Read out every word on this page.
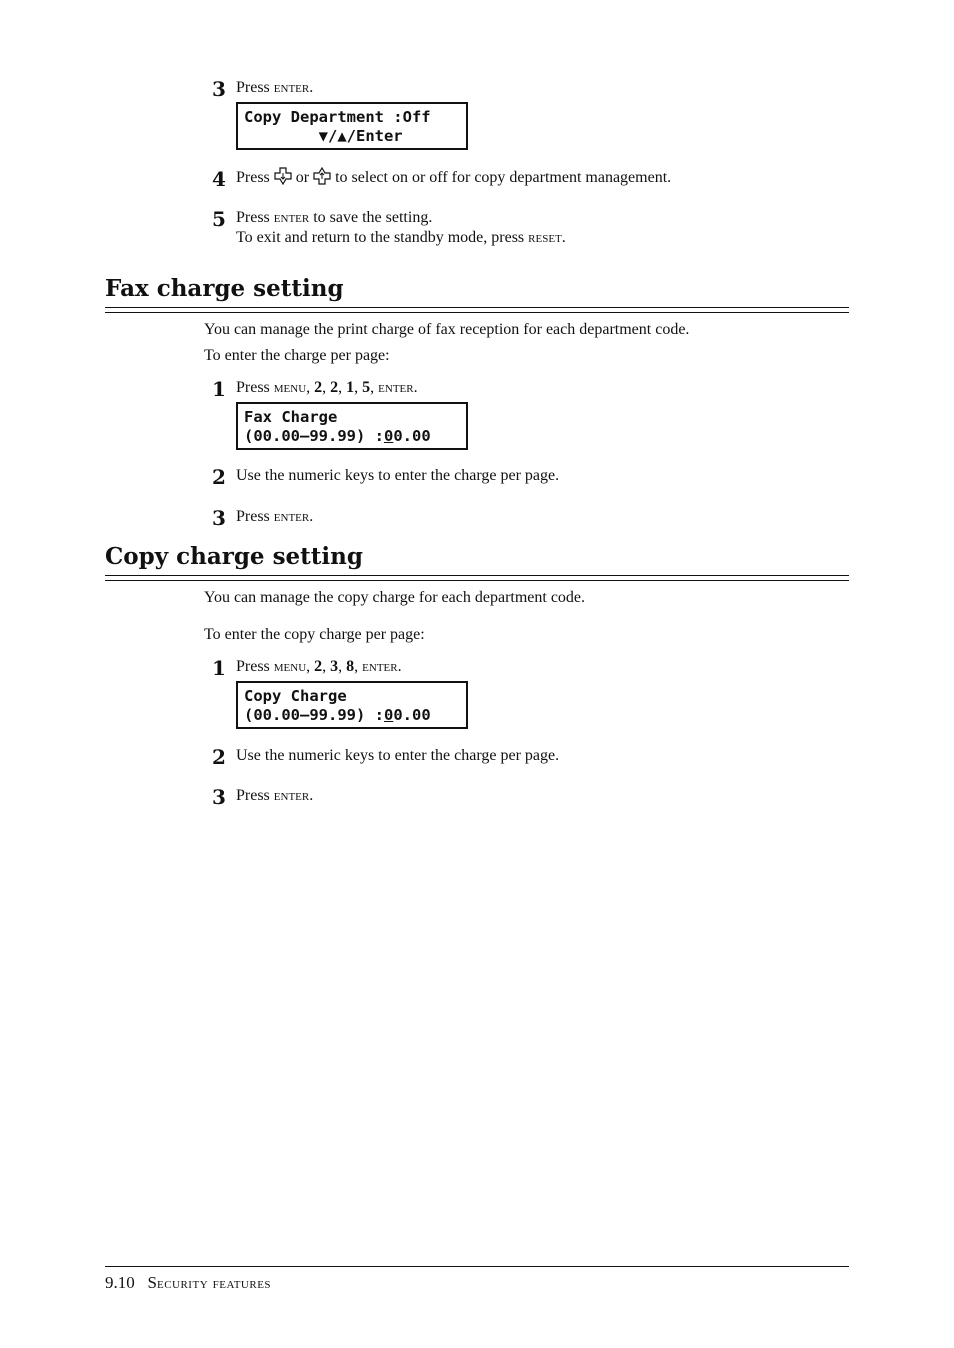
3 Press enter.
Copy Department :Off
▼/▲/Enter
4 Press  or  to select on or off for copy department management.
5 Press enter to save the setting.
To exit and return to the standby mode, press reset.
Fax charge setting
You can manage the print charge of fax reception for each department code.
To enter the charge per page:
1 Press menu, 2, 2, 1, 5, enter.
Fax Charge
(00.00–99.99) :00.00
2 Use the numeric keys to enter the charge per page.
3 Press enter.
Copy charge setting
You can manage the copy charge for each department code.
To enter the copy charge per page:
1 Press menu, 2, 3, 8, enter.
Copy Charge
(00.00–99.99) :00.00
2 Use the numeric keys to enter the charge per page.
3 Press enter.
9.10 Security features
